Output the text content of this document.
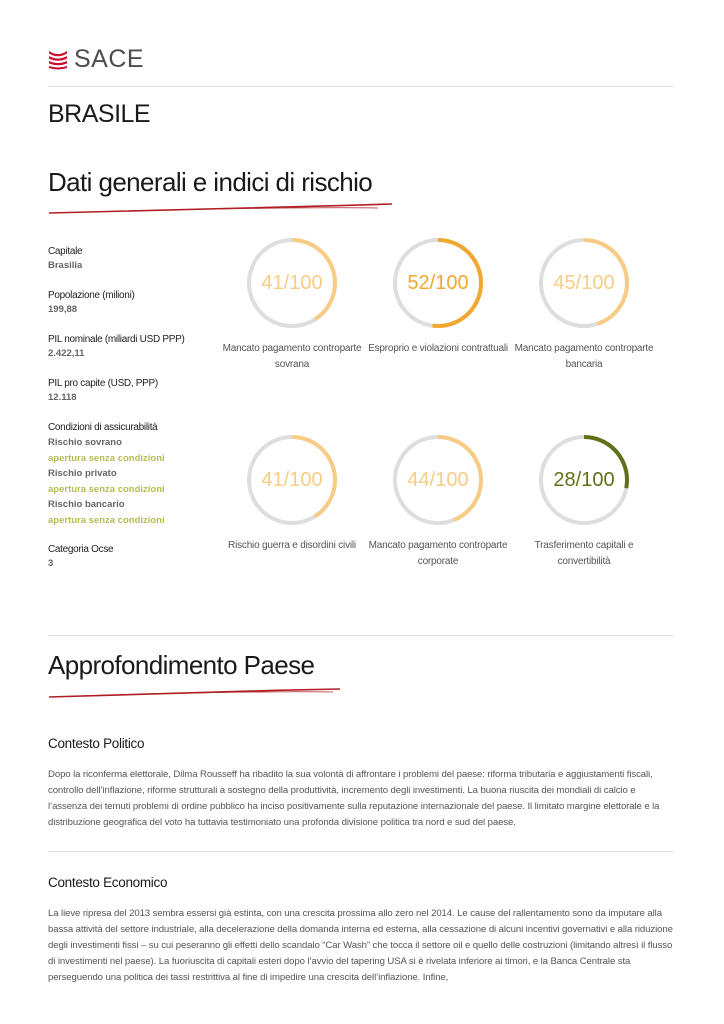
SACE
BRASILE
Dati generali e indici di rischio
Capitale
Brasilia
Popolazione (milioni)
199,88
PIL nominale (miliardi USD PPP)
2.422,11
PIL pro capite (USD, PPP)
12.118
Condizioni di assicurabilità
Rischio sovrano
apertura senza condizioni
Rischio privato
apertura senza condizioni
Rischio bancario
apertura senza condizioni
Categoria Ocse
3
41/100
Mancato pagamento controparte sovrana
52/100
Esproprio e violazioni contrattuali
45/100
Mancato pagamento controparte bancaria
41/100
Rischio guerra e disordini civili
44/100
Mancato pagamento controparte corporate
28/100
Trasferimento capitali e convertibilità
Approfondimento Paese
Contesto Politico
Dopo la riconferma elettorale, Dilma Rousseff ha ribadito la sua volontà di affrontare i problemi del paese: riforma tributaria e aggiustamenti fiscali, controllo dell’inflazione, riforme strutturali a sostegno della produttività, incremento degli investimenti. La buona riuscita dei mondiali di calcio e l’assenza dei temuti problemi di ordine pubblico ha inciso positivamente sulla reputazione internazionale del paese. Il limitato margine elettorale e la distribuzione geografica del voto ha tuttavia testimoniato una profonda divisione politica tra nord e sud del paese.
Contesto Economico
La lieve ripresa del 2013 sembra essersi già estinta, con una crescita prossima allo zero nel 2014. Le cause del rallentamento sono da imputare alla bassa attività del settore industriale, alla decelerazione della domanda interna ed esterna, alla cessazione di alcuni incentivi governativi e alla riduzione degli investimenti fissi – su cui peseranno gli effetti dello scandalo “Car Wash” che tocca il settore oil e quello delle costruzioni (limitando altresì il flusso di investimenti nel paese). La fuoriuscita di capitali esteri dopo l’avvio del tapering USA si è rivelata inferiore ai timori, e la Banca Centrale sta perseguendo una politica dei tassi restrittiva al fine di impedire una crescita dell’inflazione. Infine,
